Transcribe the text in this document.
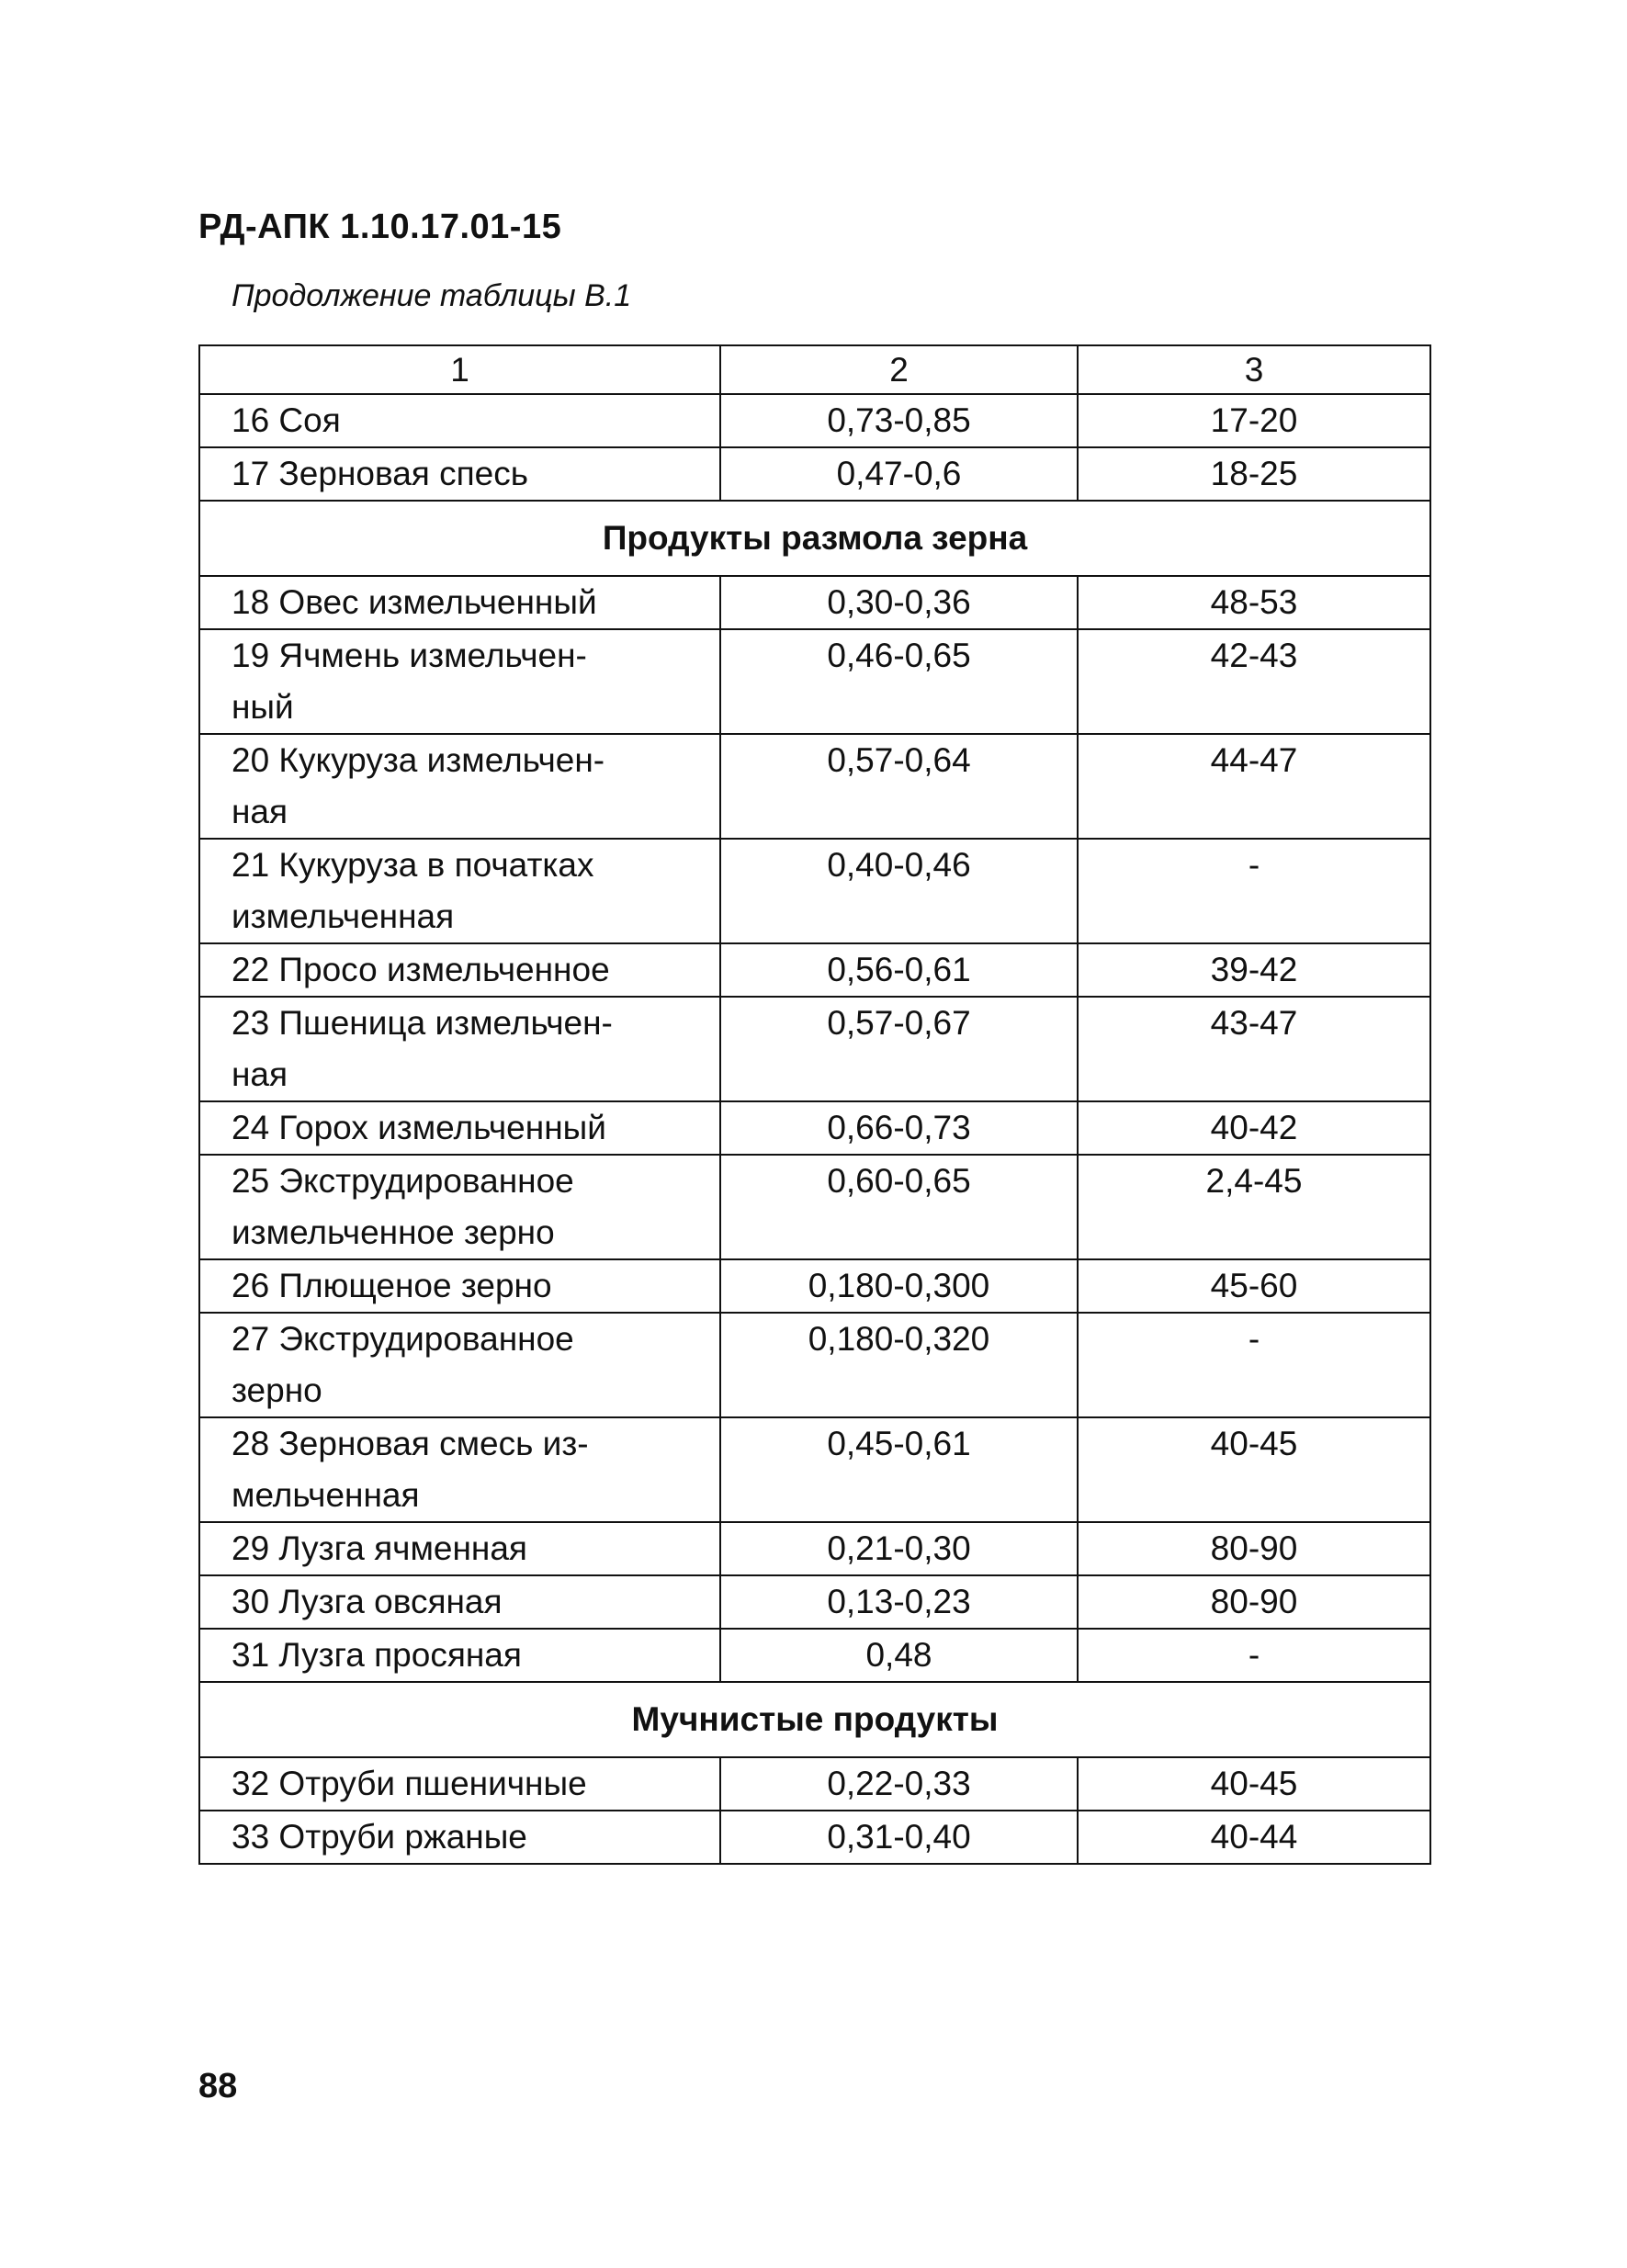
РД-АПК 1.10.17.01-15
Продолжение таблицы В.1
1	2	3

16 Соя	0,73-0,85	17-20

17 Зерновая спесь	0,47-0,6	18-25
Продукты размола зерна		

18 Овес измельченный	0,30-0,36	48-53

19 Ячмень измельчен-
ный	0,46-0,65	42-43

20 Кукуруза измельчен-
ная	0,57-0,64	44-47

21 Кукуруза в початках
измельченная	0,40-0,46	-

22 Просо измельченное	0,56-0,61	39-42

23 Пшеница измельчен-
ная	0,57-0,67	43-47

24 Горох измельченный	0,66-0,73	40-42

25 Экструдированное
измельченное зерно	0,60-0,65	2,4-45

26 Плющеное зерно	0,180-0,300	45-60

27 Экструдированное
зерно	0,180-0,320	-

28 Зерновая смесь из-
мельченная	0,45-0,61	40-45

29 Лузга ячменная	0,21-0,30	80-90

30 Лузга овсяная	0,13-0,23	80-90

31 Лузга просяная	0,48	-
Мучнистые продукты		

32 Отруби пшеничные	0,22-0,33	40-45

33 Отруби ржаные	0,31-0,40	40-44
88
